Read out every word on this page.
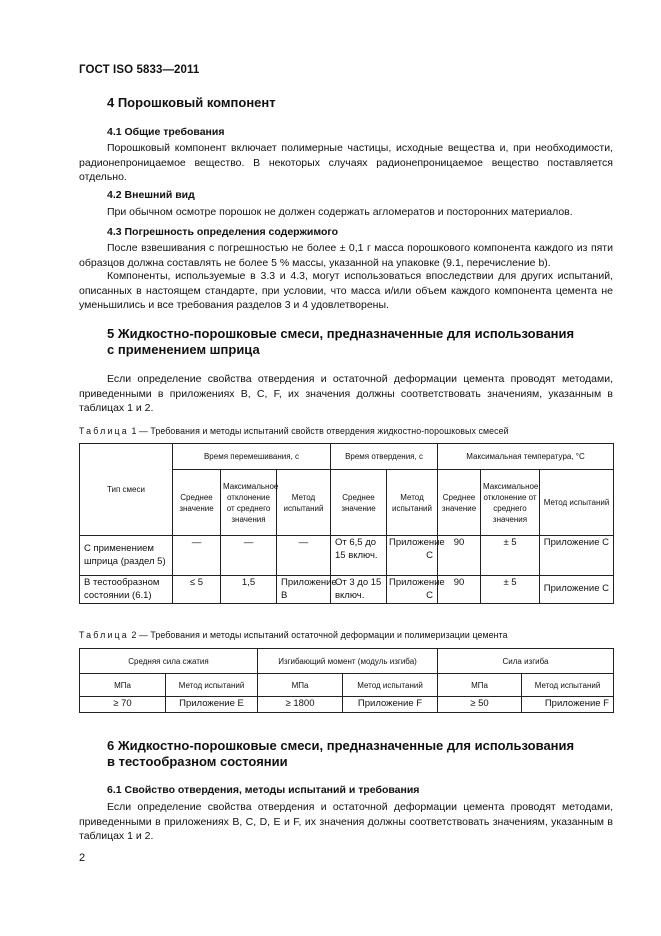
ГОСТ ISO 5833—2011
4 Порошковый компонент
4.1 Общие требования

Порошковый компонент включает полимерные частицы, исходные вещества и, при необходимости, радионепроницаемое вещество. В некоторых случаях радионепроницаемое вещество поставляется отдельно.

4.2 Внешний вид

При обычном осмотре порошок не должен содержать агломератов и посторонних материалов.

4.3 Погрешность определения содержимого

После взвешивания с погрешностью не более ± 0,1 г масса порошкового компонента каждого из пяти образцов должна составлять не более 5 % массы, указанной на упаковке (9.1, перечисление b).

Компоненты, используемые в 3.3 и 4.3, могут использоваться впоследствии для других испытаний, описанных в настоящем стандарте, при условии, что масса и/или объем каждого компонента цемента не уменьшились и все требования разделов 3 и 4 удовлетворены.

5 Жидкостно-порошковые смеси, предназначенные для использования
с применением шприца

Если определение свойства отвердения и остаточной деформации цемента проводят методами, приведенными в приложениях B, C, F, их значения должны соответствовать значениям, указанным в таблицах 1 и 2.

Таблица 1 — Требования и методы испытаний свойств отвердения жидкостно-порошковых смесей
Тип смеси	Время перемешивания, с			Время отвердения, с		Максимальная температура, °С		
	Среднее значение	Максимальное отклонение от среднего значения	Метод испытаний	Среднее значение	Метод испытаний	Среднее значение	Максимальное отклонение от среднего значения	Метод испытаний
С применением шприца (раздел 5)	—	—	—	От 6,5 до 15 включ.	Приложение C	90	± 5	Приложение C
В тестообразном состоянии (6.1)	≤ 5	1,5	Приложение B	От 3 до 15 включ.	Приложение C	90	± 5	Приложение C
Таблица 2 — Требования и методы испытаний остаточной деформации и полимеризации цемента
Средняя сила сжатия		Изгибающий момент (модуль изгиба)		Сила изгиба	
МПа	Метод испытаний	МПа	Метод испытаний	МПа	Метод испытаний
≥ 70	Приложение E	≥ 1800	Приложение F	≥ 50	Приложение F
6 Жидкостно-порошковые смеси, предназначенные для использования
в тестообразном состоянии
6.1 Свойство отвердения, методы испытаний и требования

Если определение свойства отвердения и остаточной деформации цемента проводят методами, приведенными в приложениях B, C, D, E и F, их значения должны соответствовать значениям, указанным в таблицах 1 и 2.

2
